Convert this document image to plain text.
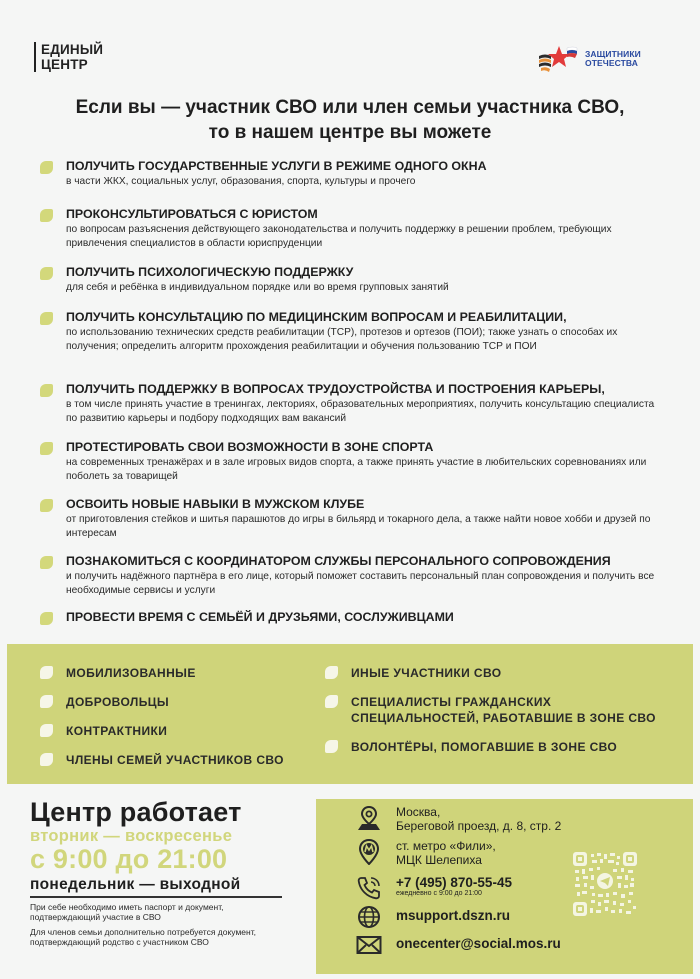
ЕДИНЫЙ
ЦЕНТР
ЗАЩИТНИКИ
ОТЕЧЕСТВА
Если вы — участник СВО или член семьи участника СВО,
то в нашем центре вы можете
ПОЛУЧИТЬ ГОСУДАРСТВЕННЫЕ УСЛУГИ В РЕЖИМЕ ОДНОГО ОКНА
в части ЖКХ, социальных услуг, образования, спорта, культуры и прочего
ПРОКОНСУЛЬТИРОВАТЬСЯ С ЮРИСТОМ
по вопросам разъяснения действующего законодательства и получить поддержку в решении проблем, требующих привлечения специалистов в области юриспруденции
ПОЛУЧИТЬ ПСИХОЛОГИЧЕСКУЮ ПОДДЕРЖКУ
для себя и ребёнка в индивидуальном порядке или во время групповых занятий
ПОЛУЧИТЬ КОНСУЛЬТАЦИЮ ПО МЕДИЦИНСКИМ ВОПРОСАМ И РЕАБИЛИТАЦИИ,
по использованию технических средств реабилитации (ТСР), протезов и ортезов (ПОИ); также узнать о способах их получения; определить алгоритм прохождения реабилитации и обучения пользованию ТСР и ПОИ
ПОЛУЧИТЬ ПОДДЕРЖКУ В ВОПРОСАХ ТРУДОУСТРОЙСТВА И ПОСТРОЕНИЯ КАРЬЕРЫ,
в том числе принять участие в тренингах, лекториях, образовательных мероприятиях, получить консультацию специалиста по развитию карьеры и подбору подходящих вам вакансий
ПРОТЕСТИРОВАТЬ СВОИ ВОЗМОЖНОСТИ В ЗОНЕ СПОРТА
на современных тренажёрах и в зале игровых видов спорта, а также принять участие в любительских соревнованиях или поболеть за товарищей
ОСВОИТЬ НОВЫЕ НАВЫКИ В МУЖСКОМ КЛУБЕ
от приготовления стейков и шитья парашютов до игры в бильярд и токарного дела, а также найти новое хобби и друзей по интересам
ПОЗНАКОМИТЬСЯ С КООРДИНАТОРОМ СЛУЖБЫ ПЕРСОНАЛЬНОГО СОПРОВОЖДЕНИЯ
и получить надёжного партнёра в его лице, который поможет составить персональный план сопровождения и получить все необходимые сервисы и услуги
ПРОВЕСТИ ВРЕМЯ С СЕМЬЁЙ И ДРУЗЬЯМИ, СОСЛУЖИВЦАМИ
МОБИЛИЗОВАННЫЕ
ДОБРОВОЛЬЦЫ
КОНТРАКТНИКИ
ЧЛЕНЫ СЕМЕЙ УЧАСТНИКОВ СВО
ИНЫЕ УЧАСТНИКИ СВО
СПЕЦИАЛИСТЫ ГРАЖДАНСКИХ
СПЕЦИАЛЬНОСТЕЙ, РАБОТАВШИЕ В ЗОНЕ СВО
ВОЛОНТЁРЫ, ПОМОГАВШИЕ В ЗОНЕ СВО
Центр работает
вторник — воскресенье
с 9:00 до 21:00
понедельник — выходной

При себе необходимо иметь паспорт и документ, подтверждающий участие в СВО

Для членов семьи дополнительно потребуется документ, подтверждающий родство с участником СВО

Москва,
Береговой проезд, д. 8, стр. 2
ст. метро «Фили»,
МЦК Шелепиха
+7 (495) 870-55-45
ежедневно с 9:00 до 21:00
msupport.dszn.ru
onecenter@social.mos.ru
